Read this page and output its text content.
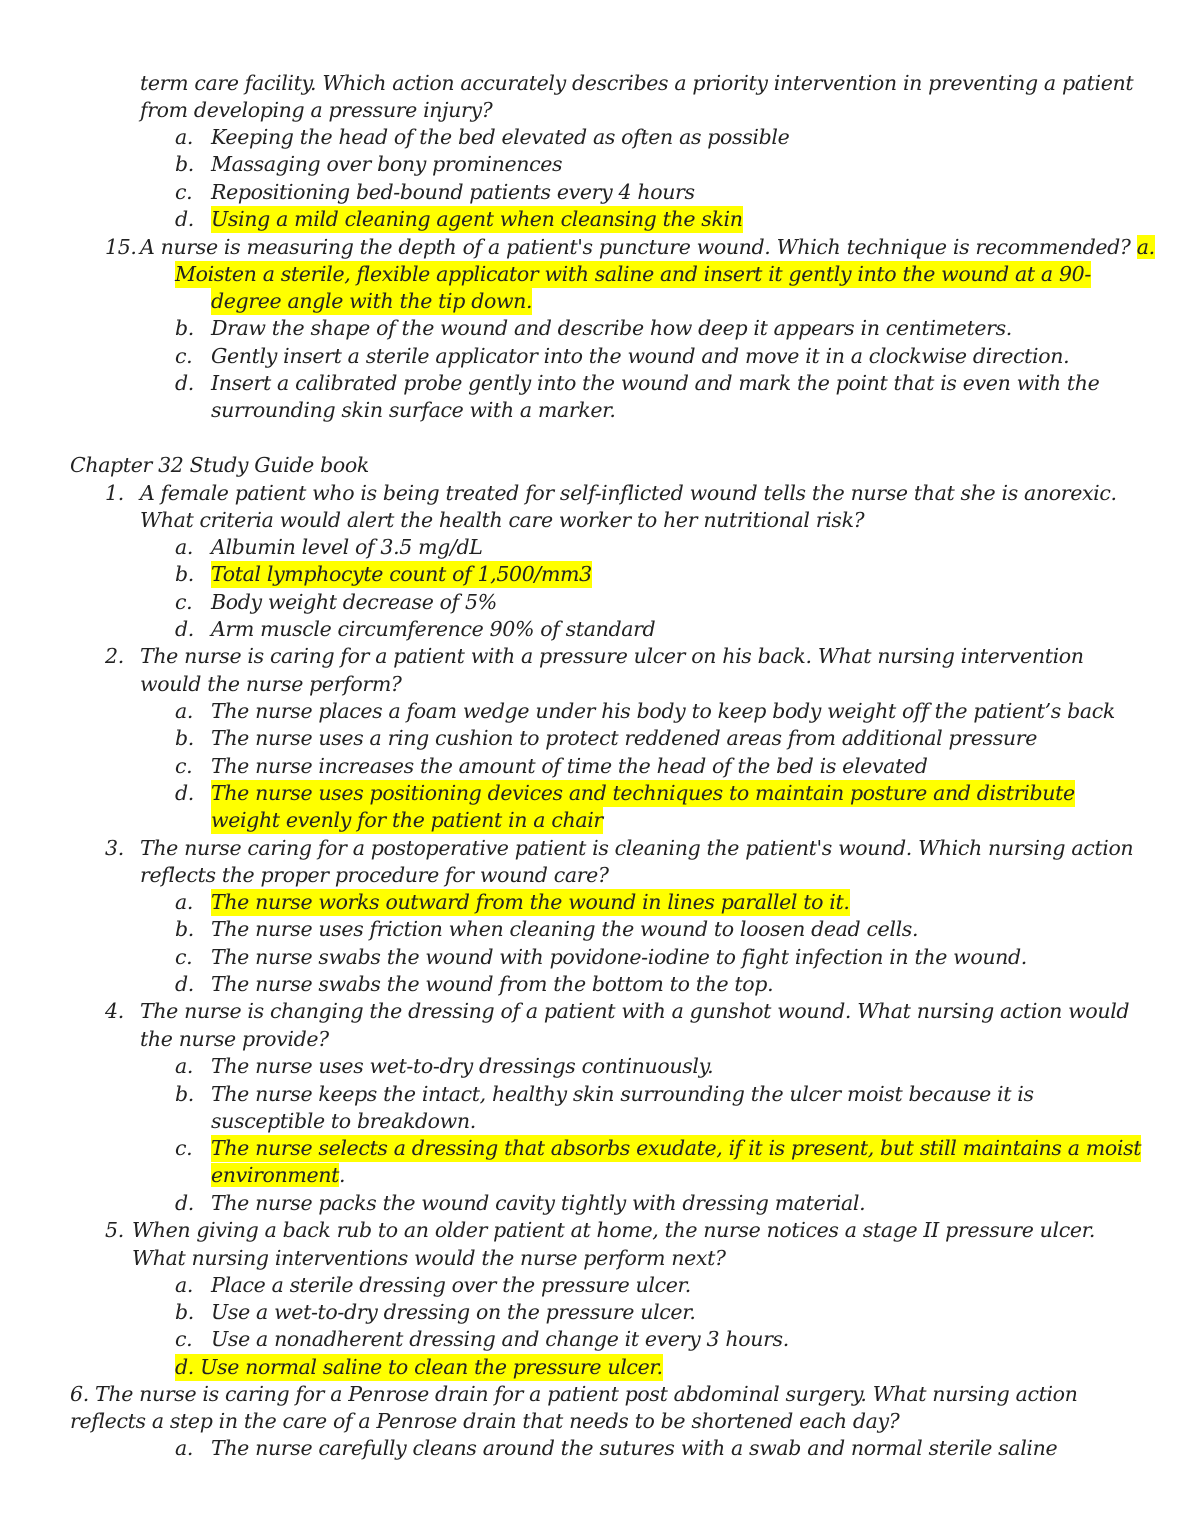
term care facility. Which action accurately describes a priority intervention in preventing a patient
from developing a pressure injury?
a. Keeping the head of the bed elevated as often as possible
b. Massaging over bony prominences
c. Repositioning bed-bound patients every 4 hours
d. Using a mild cleaning agent when cleansing the skin
15. A nurse is measuring the depth of a patient's puncture wound. Which technique is recommended? a.
Moisten a sterile, flexible applicator with saline and insert it gently into the wound at a 90-
degree angle with the tip down.
b. Draw the shape of the wound and describe how deep it appears in centimeters.
c. Gently insert a sterile applicator into the wound and move it in a clockwise direction.
d. Insert a calibrated probe gently into the wound and mark the point that is even with the
surrounding skin surface with a marker.
Chapter 32 Study Guide book
1. A female patient who is being treated for self-inflicted wound tells the nurse that she is anorexic.
What criteria would alert the health care worker to her nutritional risk?
a. Albumin level of 3.5 mg/dL
b. Total lymphocyte count of 1,500/mm3
c. Body weight decrease of 5%
d. Arm muscle circumference 90% of standard
2. The nurse is caring for a patient with a pressure ulcer on his back. What nursing intervention
would the nurse perform?
a. The nurse places a foam wedge under his body to keep body weight off the patient’s back
b. The nurse uses a ring cushion to protect reddened areas from additional pressure
c. The nurse increases the amount of time the head of the bed is elevated
d. The nurse uses positioning devices and techniques to maintain posture and distribute
weight evenly for the patient in a chair
3. The nurse caring for a postoperative patient is cleaning the patient's wound. Which nursing action
reflects the proper procedure for wound care?
a. The nurse works outward from the wound in lines parallel to it.
b. The nurse uses friction when cleaning the wound to loosen dead cells.
c. The nurse swabs the wound with povidone-iodine to fight infection in the wound.
d. The nurse swabs the wound from the bottom to the top.
4. The nurse is changing the dressing of a patient with a gunshot wound. What nursing action would
the nurse provide?
a. The nurse uses wet-to-dry dressings continuously.
b. The nurse keeps the intact, healthy skin surrounding the ulcer moist because it is
susceptible to breakdown.
c. The nurse selects a dressing that absorbs exudate, if it is present, but still maintains a moist
environment.
d. The nurse packs the wound cavity tightly with dressing material.
5. When giving a back rub to an older patient at home, the nurse notices a stage II pressure ulcer.
What nursing interventions would the nurse perform next?
a. Place a sterile dressing over the pressure ulcer.
b. Use a wet-to-dry dressing on the pressure ulcer.
c. Use a nonadherent dressing and change it every 3 hours.
d. Use normal saline to clean the pressure ulcer.
6. The nurse is caring for a Penrose drain for a patient post abdominal surgery. What nursing action
reflects a step in the care of a Penrose drain that needs to be shortened each day?
a. The nurse carefully cleans around the sutures with a swab and normal sterile saline
